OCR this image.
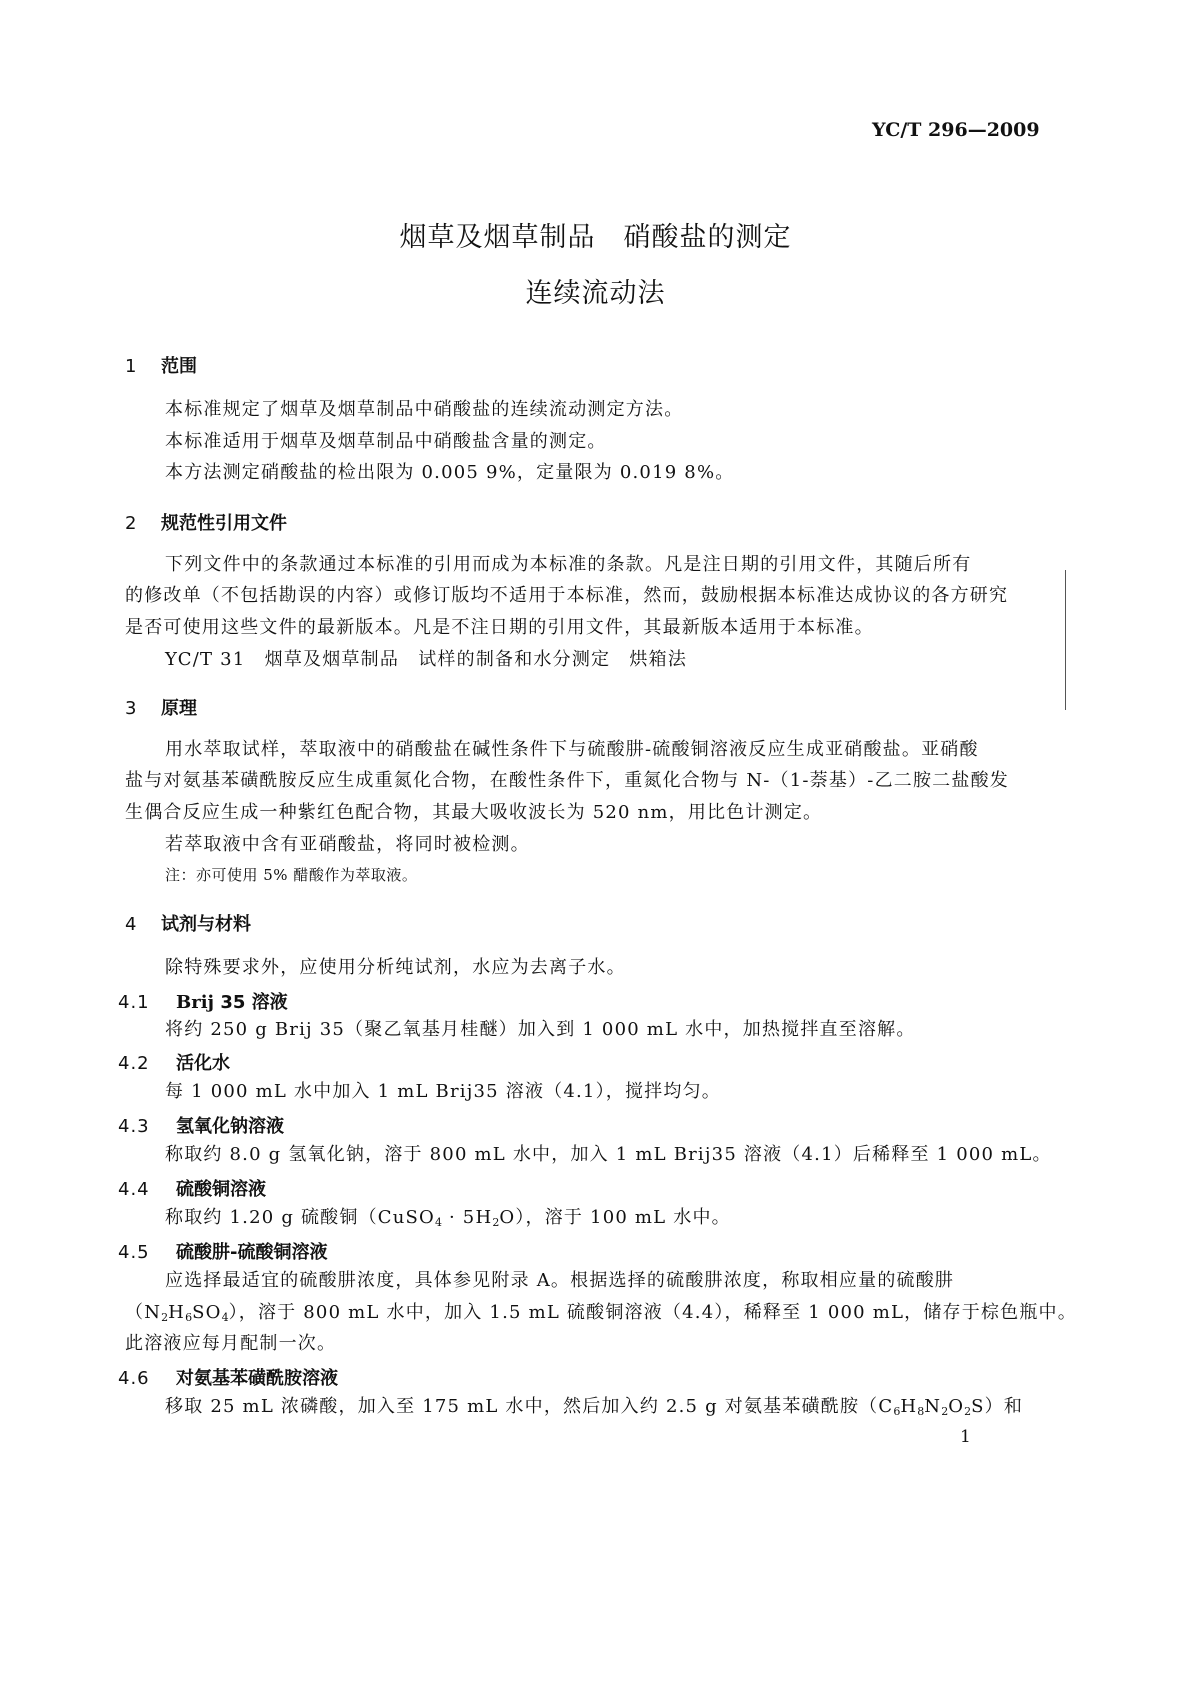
YC/T 296—2009
烟草及烟草制品　硝酸盐的测定
连续流动法
1 范围
本标准规定了烟草及烟草制品中硝酸盐的连续流动测定方法。
本标准适用于烟草及烟草制品中硝酸盐含量的测定。
本方法测定硝酸盐的检出限为 0.005 9%，定量限为 0.019 8%。
2 规范性引用文件
下列文件中的条款通过本标准的引用而成为本标准的条款。凡是注日期的引用文件，其随后所有
的修改单（不包括勘误的内容）或修订版均不适用于本标准，然而，鼓励根据本标准达成协议的各方研究
是否可使用这些文件的最新版本。凡是不注日期的引用文件，其最新版本适用于本标准。
YC/T 31　烟草及烟草制品　试样的制备和水分测定　烘箱法
3 原理
用水萃取试样，萃取液中的硝酸盐在碱性条件下与硫酸肼-硫酸铜溶液反应生成亚硝酸盐。亚硝酸
盐与对氨基苯磺酰胺反应生成重氮化合物，在酸性条件下，重氮化合物与 N-（1-萘基）-乙二胺二盐酸发
生偶合反应生成一种紫红色配合物，其最大吸收波长为 520 nm，用比色计测定。
若萃取液中含有亚硝酸盐，将同时被检测。
注：亦可使用 5% 醋酸作为萃取液。
4 试剂与材料
除特殊要求外，应使用分析纯试剂，水应为去离子水。
4.1 Brij 35 溶液
将约 250 g Brij 35（聚乙氧基月桂醚）加入到 1 000 mL 水中，加热搅拌直至溶解。
4.2 活化水
每 1 000 mL 水中加入 1 mL Brij35 溶液（4.1），搅拌均匀。
4.3 氢氧化钠溶液
称取约 8.0 g 氢氧化钠，溶于 800 mL 水中，加入 1 mL Brij35 溶液（4.1）后稀释至 1 000 mL。
4.4 硫酸铜溶液
称取约 1.20 g 硫酸铜（CuSO$_4$ · $5H_2O$），溶于 100 mL 水中。
4.5 硫酸肼-硫酸铜溶液
应选择最适宜的硫酸肼浓度，具体参见附录 A。根据选择的硫酸肼浓度，称取相应量的硫酸肼
$(N_2H_6SO_4)$，溶于 800 mL 水中，加入 1.5 mL 硫酸铜溶液（4.4），稀释至 1 000 mL，储存于棕色瓶中。
此溶液应每月配制一次。
4.6 对氨基苯磺酰胺溶液
移取 25 mL 浓磷酸，加入至 175 mL 水中，然后加入约 2.5 g 对氨基苯磺酰胺$(C_6H_8N_2O_2S)$和
1
